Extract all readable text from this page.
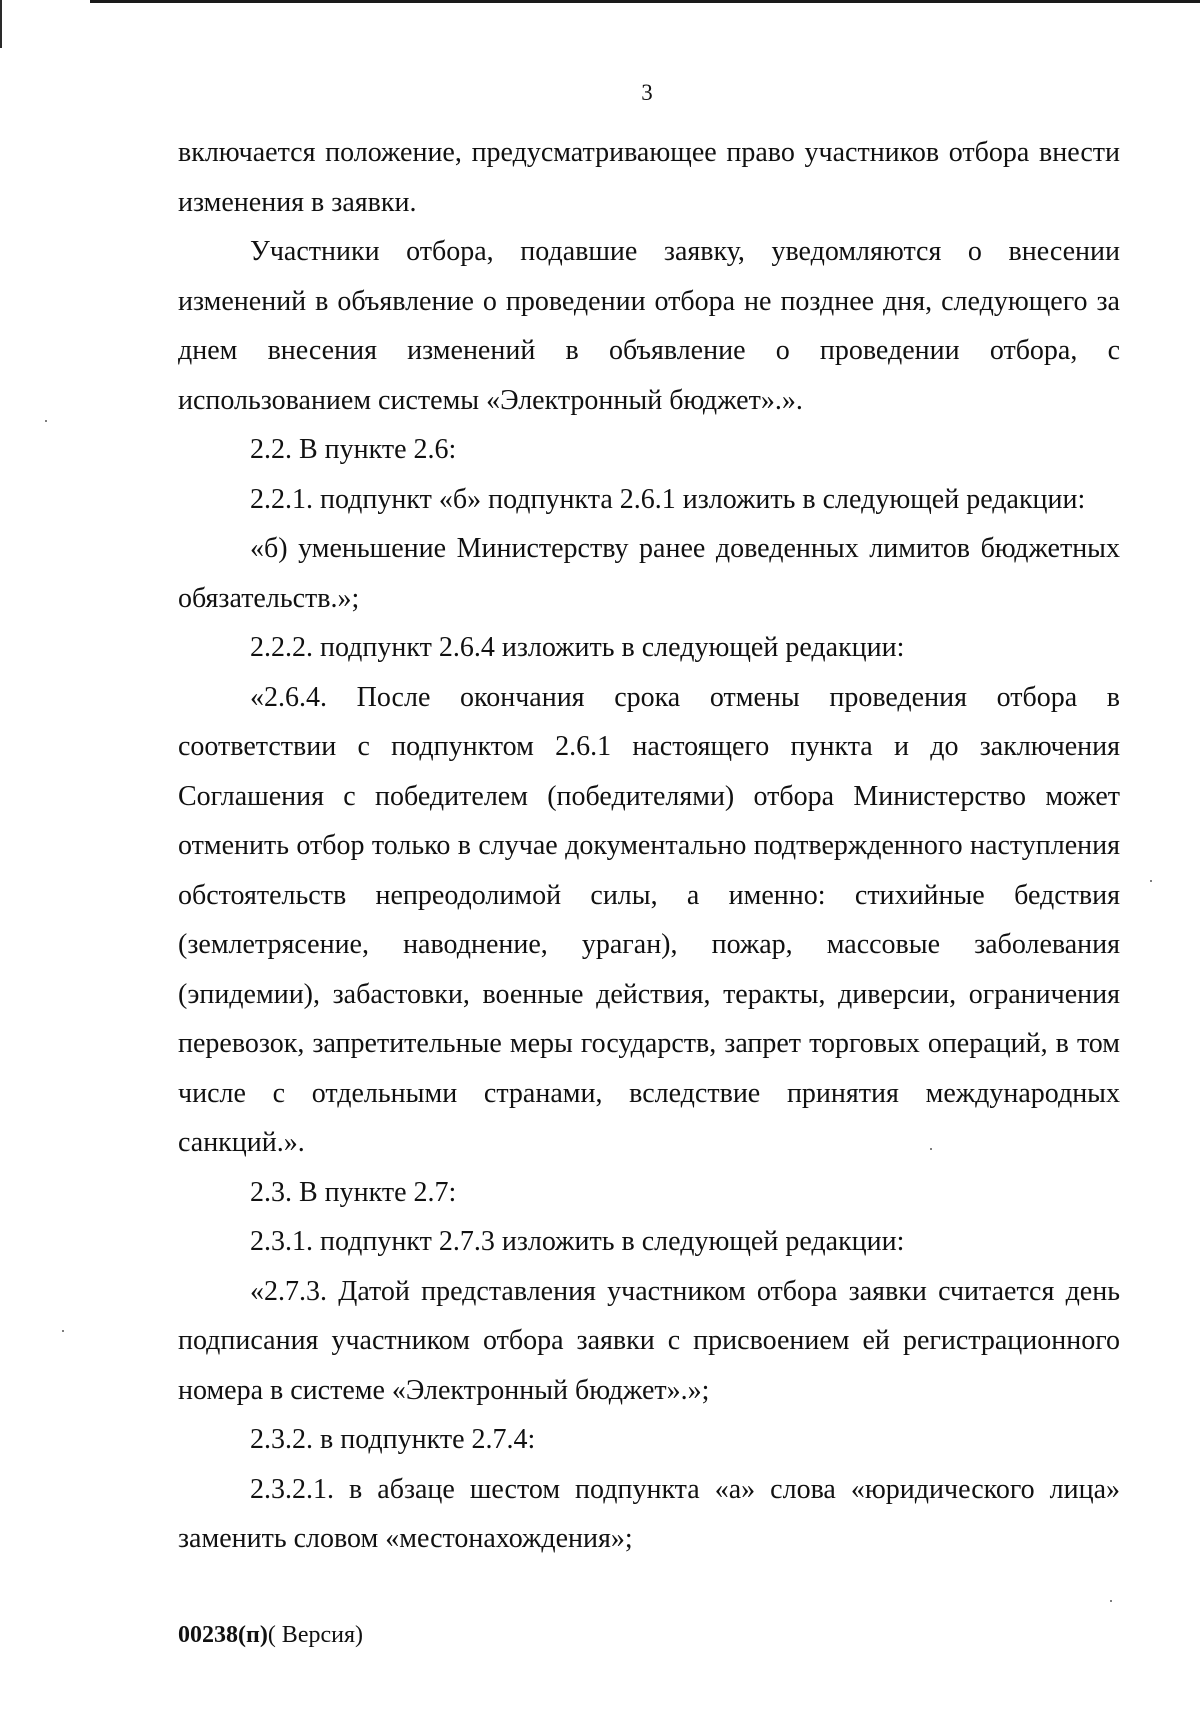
3

включается положение, предусматривающее право участников отбора внести изменения в заявки.

Участники отбора, подавшие заявку, уведомляются о внесении изменений в объявление о проведении отбора не позднее дня, следующего за днем внесения изменений в объявление о проведении отбора, с использованием системы «Электронный бюджет».».

2.2. В пункте 2.6:

2.2.1. подпункт «б» подпункта 2.6.1 изложить в следующей редакции:

«б) уменьшение Министерству ранее доведенных лимитов бюджетных обязательств.»;

2.2.2. подпункт 2.6.4 изложить в следующей редакции:

«2.6.4. После окончания срока отмены проведения отбора в соответствии с подпунктом 2.6.1 настоящего пункта и до заключения Соглашения с победителем (победителями) отбора Министерство может отменить отбор только в случае документально подтвержденного наступления обстоятельств непреодолимой силы, а именно: стихийные бедствия (землетрясение, наводнение, ураган), пожар, массовые заболевания (эпидемии), забастовки, военные действия, теракты, диверсии, ограничения перевозок, запретительные меры государств, запрет торговых операций, в том числе с отдельными странами, вследствие принятия международных санкций.».

2.3. В пункте 2.7:

2.3.1. подпункт 2.7.3 изложить в следующей редакции:

«2.7.3. Датой представления участником отбора заявки считается день подписания участником отбора заявки с присвоением ей регистрационного номера в системе «Электронный бюджет».»;

2.3.2. в подпункте 2.7.4:

2.3.2.1. в абзаце шестом подпункта «а» слова «юридического лица» заменить словом «местонахождения»;

00238(п)( Версия)
